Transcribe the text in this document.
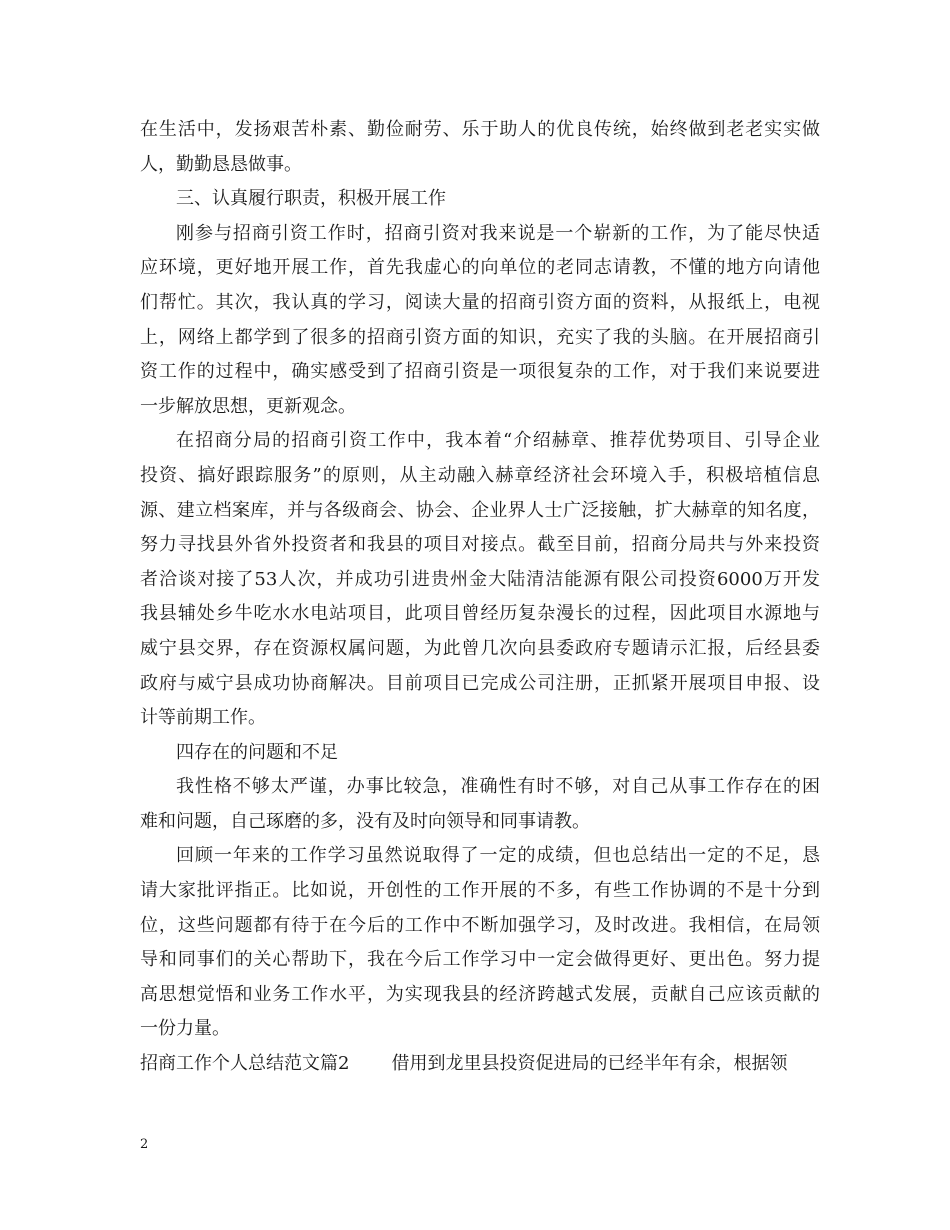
在生活中，发扬艰苦朴素、勤俭耐劳、乐于助人的优良传统，始终做到老老实实做
人，勤勤恳恳做事。
三、认真履行职责，积极开展工作
刚参与招商引资工作时，招商引资对我来说是一个崭新的工作，为了能尽快适
应环境，更好地开展工作，首先我虚心的向单位的老同志请教，不懂的地方向请他
们帮忙。其次，我认真的学习，阅读大量的招商引资方面的资料，从报纸上，电视
上，网络上都学到了很多的招商引资方面的知识，充实了我的头脑。在开展招商引
资工作的过程中，确实感受到了招商引资是一项很复杂的工作，对于我们来说要进
一步解放思想，更新观念。
在招商分局的招商引资工作中，我本着“介绍赫章、推荐优势项目、引导企业
投资、搞好跟踪服务”的原则，从主动融入赫章经济社会环境入手，积极培植信息
源、建立档案库，并与各级商会、协会、企业界人士广泛接触，扩大赫章的知名度，
努力寻找县外省外投资者和我县的项目对接点。截至目前，招商分局共与外来投资
者洽谈对接了53人次，并成功引进贵州金大陆清洁能源有限公司投资6000万开发
我县辅处乡牛吃水水电站项目，此项目曾经历复杂漫长的过程，因此项目水源地与
威宁县交界，存在资源权属问题，为此曾几次向县委政府专题请示汇报，后经县委
政府与威宁县成功协商解决。目前项目已完成公司注册，正抓紧开展项目申报、设
计等前期工作。
四存在的问题和不足
我性格不够太严谨，办事比较急，准确性有时不够，对自己从事工作存在的困
难和问题，自己琢磨的多，没有及时向领导和同事请教。
回顾一年来的工作学习虽然说取得了一定的成绩，但也总结出一定的不足，恳
请大家批评指正。比如说，开创性的工作开展的不多，有些工作协调的不是十分到
位，这些问题都有待于在今后的工作中不断加强学习，及时改进。我相信，在局领
导和同事们的关心帮助下，我在今后工作学习中一定会做得更好、更出色。努力提
高思想觉悟和业务工作水平，为实现我县的经济跨越式发展，贡献自己应该贡献的
一份力量。
招商工作个人总结范文篇2 借用到龙里县投资促进局的已经半年有余，根据领
2
